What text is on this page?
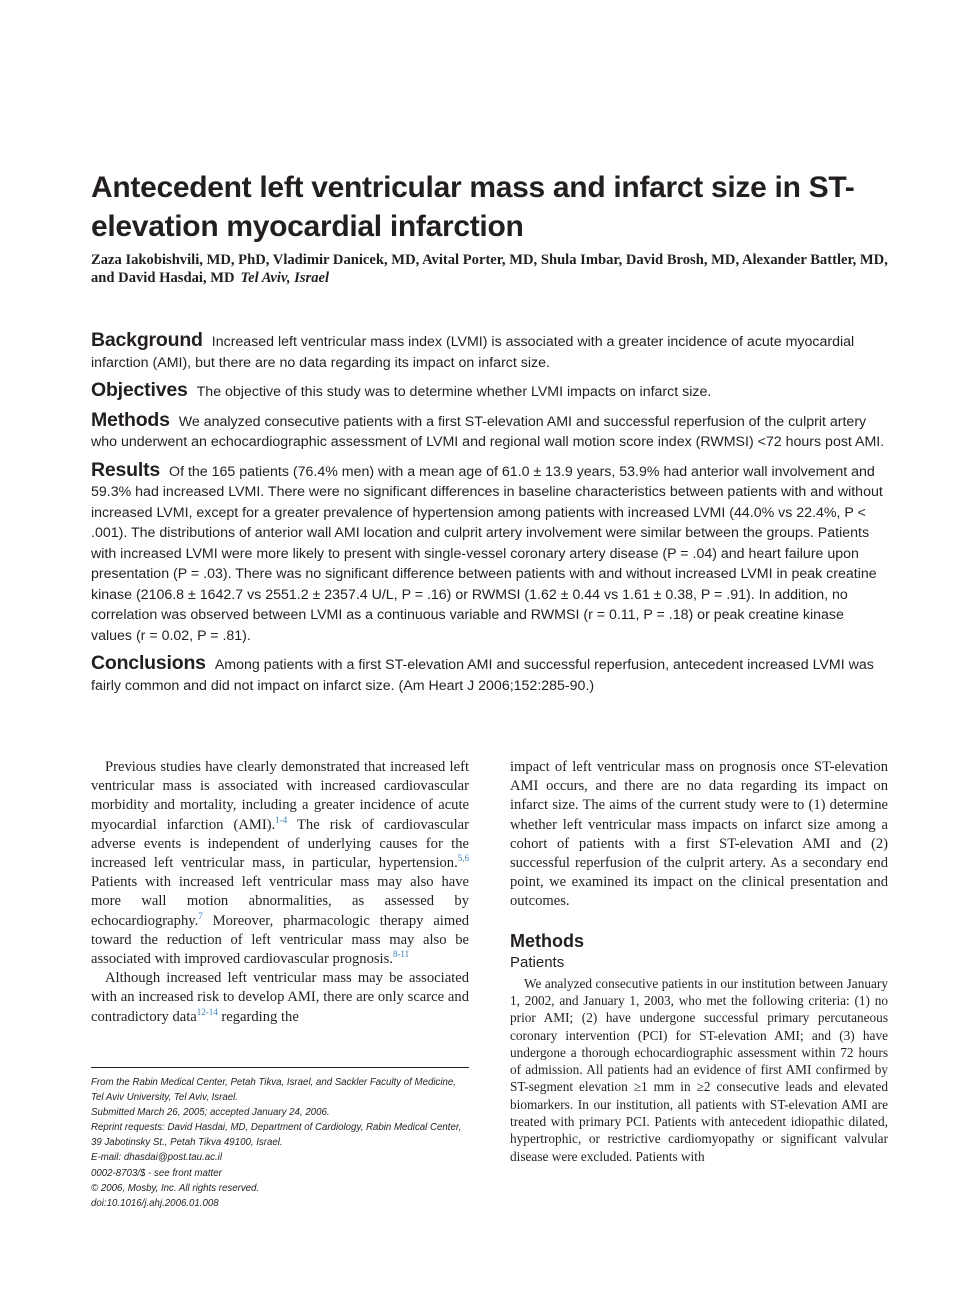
Antecedent left ventricular mass and infarct size in ST-elevation myocardial infarction
Zaza Iakobishvili, MD, PhD, Vladimir Danicek, MD, Avital Porter, MD, Shula Imbar, David Brosh, MD, Alexander Battler, MD, and David Hasdai, MD Tel Aviv, Israel

Background Increased left ventricular mass index (LVMI) is associated with a greater incidence of acute myocardial infarction (AMI), but there are no data regarding its impact on infarct size.

Objectives The objective of this study was to determine whether LVMI impacts on infarct size.

Methods We analyzed consecutive patients with a first ST-elevation AMI and successful reperfusion of the culprit artery who underwent an echocardiographic assessment of LVMI and regional wall motion score index (RWMSI) <72 hours post AMI.

Results Of the 165 patients (76.4% men) with a mean age of 61.0 ± 13.9 years, 53.9% had anterior wall involvement and 59.3% had increased LVMI. There were no significant differences in baseline characteristics between patients with and without increased LVMI, except for a greater prevalence of hypertension among patients with increased LVMI (44.0% vs 22.4%, P < .001). The distributions of anterior wall AMI location and culprit artery involvement were similar between the groups. Patients with increased LVMI were more likely to present with single-vessel coronary artery disease (P = .04) and heart failure upon presentation (P = .03). There was no significant difference between patients with and without increased LVMI in peak creatine kinase (2106.8 ± 1642.7 vs 2551.2 ± 2357.4 U/L, P = .16) or RWMSI (1.62 ± 0.44 vs 1.61 ± 0.38, P = .91). In addition, no correlation was observed between LVMI as a continuous variable and RWMSI (r = 0.11, P = .18) or peak creatine kinase values (r = 0.02, P = .81).

Conclusions Among patients with a first ST-elevation AMI and successful reperfusion, antecedent increased LVMI was fairly common and did not impact on infarct size. (Am Heart J 2006;152:285-90.)

Previous studies have clearly demonstrated that increased left ventricular mass is associated with increased cardiovascular morbidity and mortality, including a greater incidence of acute myocardial infarction (AMI).$^{1-4}$ The risk of cardiovascular adverse events is independent of underlying causes for the increased left ventricular mass, in particular, hypertension.$^{5,6}$ Patients with increased left ventricular mass may also have more wall motion abnormalities, as assessed by echocardiography.$^7$ Moreover, pharmacologic therapy aimed toward the reduction of left ventricular mass may also be associated with improved cardiovascular prognosis.$^{8-11}$

Although increased left ventricular mass may be associated with an increased risk to develop AMI, there are only scarce and contradictory data$^{12-14}$ regarding the

From the Rabin Medical Center, Petah Tikva, Israel, and Sackler Faculty of Medicine, Tel Aviv University, Tel Aviv, Israel.
Submitted March 26, 2005; accepted January 24, 2006.
Reprint requests: David Hasdai, MD, Department of Cardiology, Rabin Medical Center, 39 Jabotinsky St., Petah Tikva 49100, Israel.
E-mail: dhasdai@post.tau.ac.il
0002-8703/$ - see front matter
© 2006, Mosby, Inc. All rights reserved.
doi:10.1016/j.ahj.2006.01.008

impact of left ventricular mass on prognosis once ST-elevation AMI occurs, and there are no data regarding its impact on infarct size. The aims of the current study were to (1) determine whether left ventricular mass impacts on infarct size among a cohort of patients with a first ST-elevation AMI and (2) successful reperfusion of the culprit artery. As a secondary end point, we examined its impact on the clinical presentation and outcomes.

Methods
Patients

We analyzed consecutive patients in our institution between January 1, 2002, and January 1, 2003, who met the following criteria: (1) no prior AMI; (2) have undergone successful primary percutaneous coronary intervention (PCI) for ST-elevation AMI; and (3) have undergone a thorough echocardiographic assessment within 72 hours of admission. All patients had an evidence of first AMI confirmed by ST-segment elevation ≥1 mm in ≥2 consecutive leads and elevated biomarkers. In our institution, all patients with ST-elevation AMI are treated with primary PCI. Patients with antecedent idiopathic dilated, hypertrophic, or restrictive cardiomyopathy or significant valvular disease were excluded. Patients with
